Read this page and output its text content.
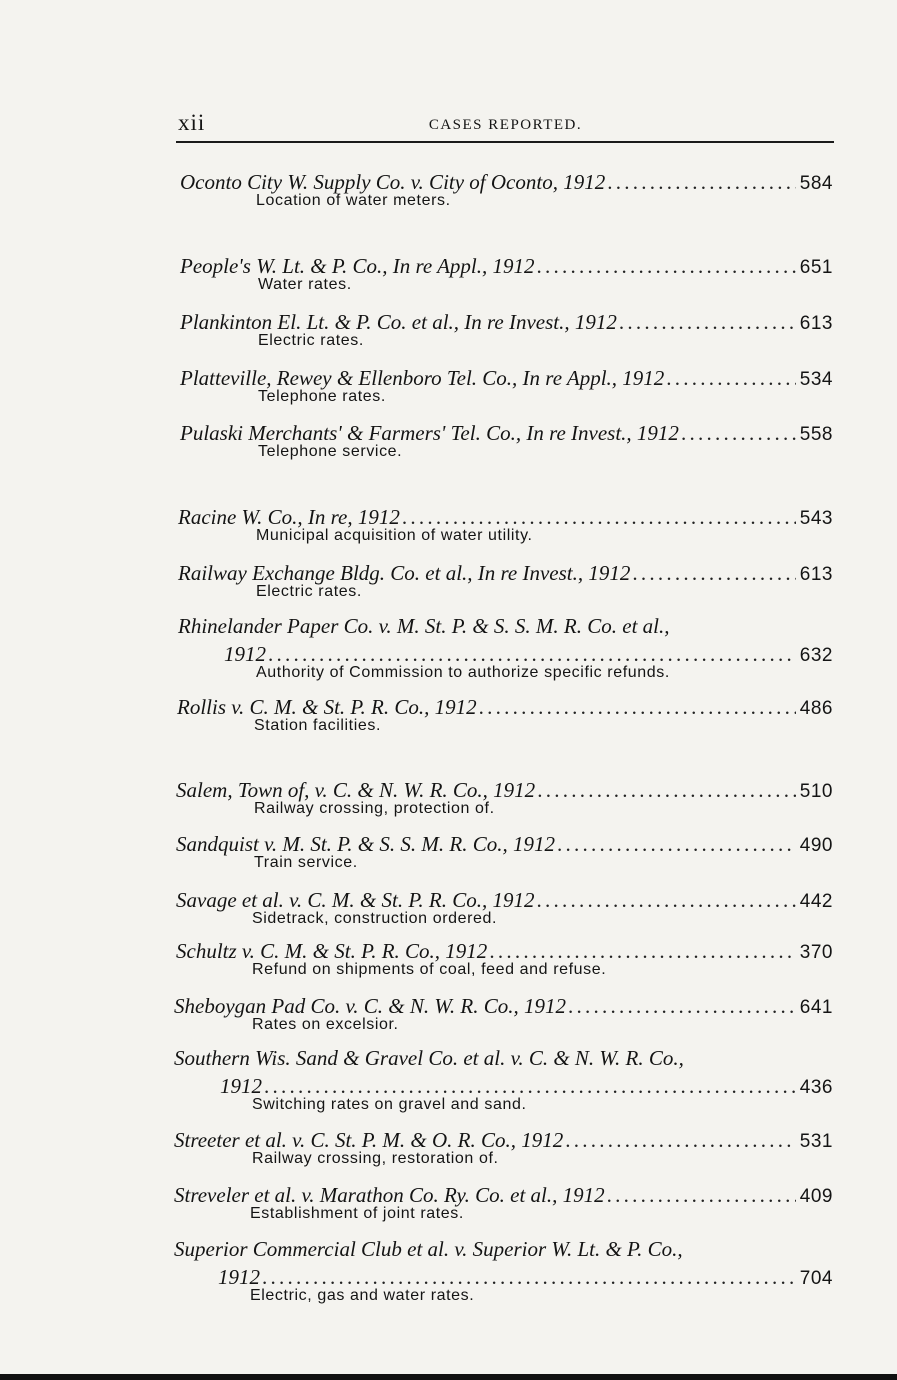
xii	CASES REPORTED.
Oconto City W. Supply Co. v. City of Oconto, 1912 . . .	584
Location of water meters.
People's W. Lt. & P. Co., In re Appl., 1912 . . .	651
Water rates.
Plankinton El. Lt. & P. Co. et al., In re Invest., 1912 . . .	613
Electric rates.
Platteville, Rewey & Ellenboro Tel. Co., In re Appl., 1912 . . .	534
Telephone rates.
Pulaski Merchants' & Farmers' Tel. Co., In re Invest., 1912 . . .	558
Telephone service.
Racine W. Co., In re, 1912 . . .	543
Municipal acquisition of water utility.
Railway Exchange Bldg. Co. et al., In re Invest., 1912 . . .	613
Electric rates.
Rhinelander Paper Co. v. M. St. P. & S. S. M. R. Co. et al.,
1912 . . .	632
Authority of Commission to authorize specific refunds.
Rollis v. C. M. & St. P. R. Co., 1912 . . .	486
Station facilities.
Salem, Town of, v. C. & N. W. R. Co., 1912 . . .	510
Railway crossing, protection of.
Sandquist v. M. St. P. & S. S. M. R. Co., 1912 . . .	490
Train service.
Savage et al. v. C. M. & St. P. R. Co., 1912 . . .	442
Sidetrack, construction ordered.
Schultz v. C. M. & St. P. R. Co., 1912 . . .	370
Refund on shipments of coal, feed and refuse.
Sheboygan Pad Co. v. C. & N. W. R. Co., 1912 . . .	641
Rates on excelsior.
Southern Wis. Sand & Gravel Co. et al. v. C. & N. W. R. Co.,
1912 . . .	436
Switching rates on gravel and sand.
Streeter et al. v. C. St. P. M. & O. R. Co., 1912 . . .	531
Railway crossing, restoration of.
Streveler et al. v. Marathon Co. Ry. Co. et al., 1912 . . .	409
Establishment of joint rates.
Superior Commercial Club et al. v. Superior W. Lt. & P. Co.,
1912 . . .	704
Electric, gas and water rates.
